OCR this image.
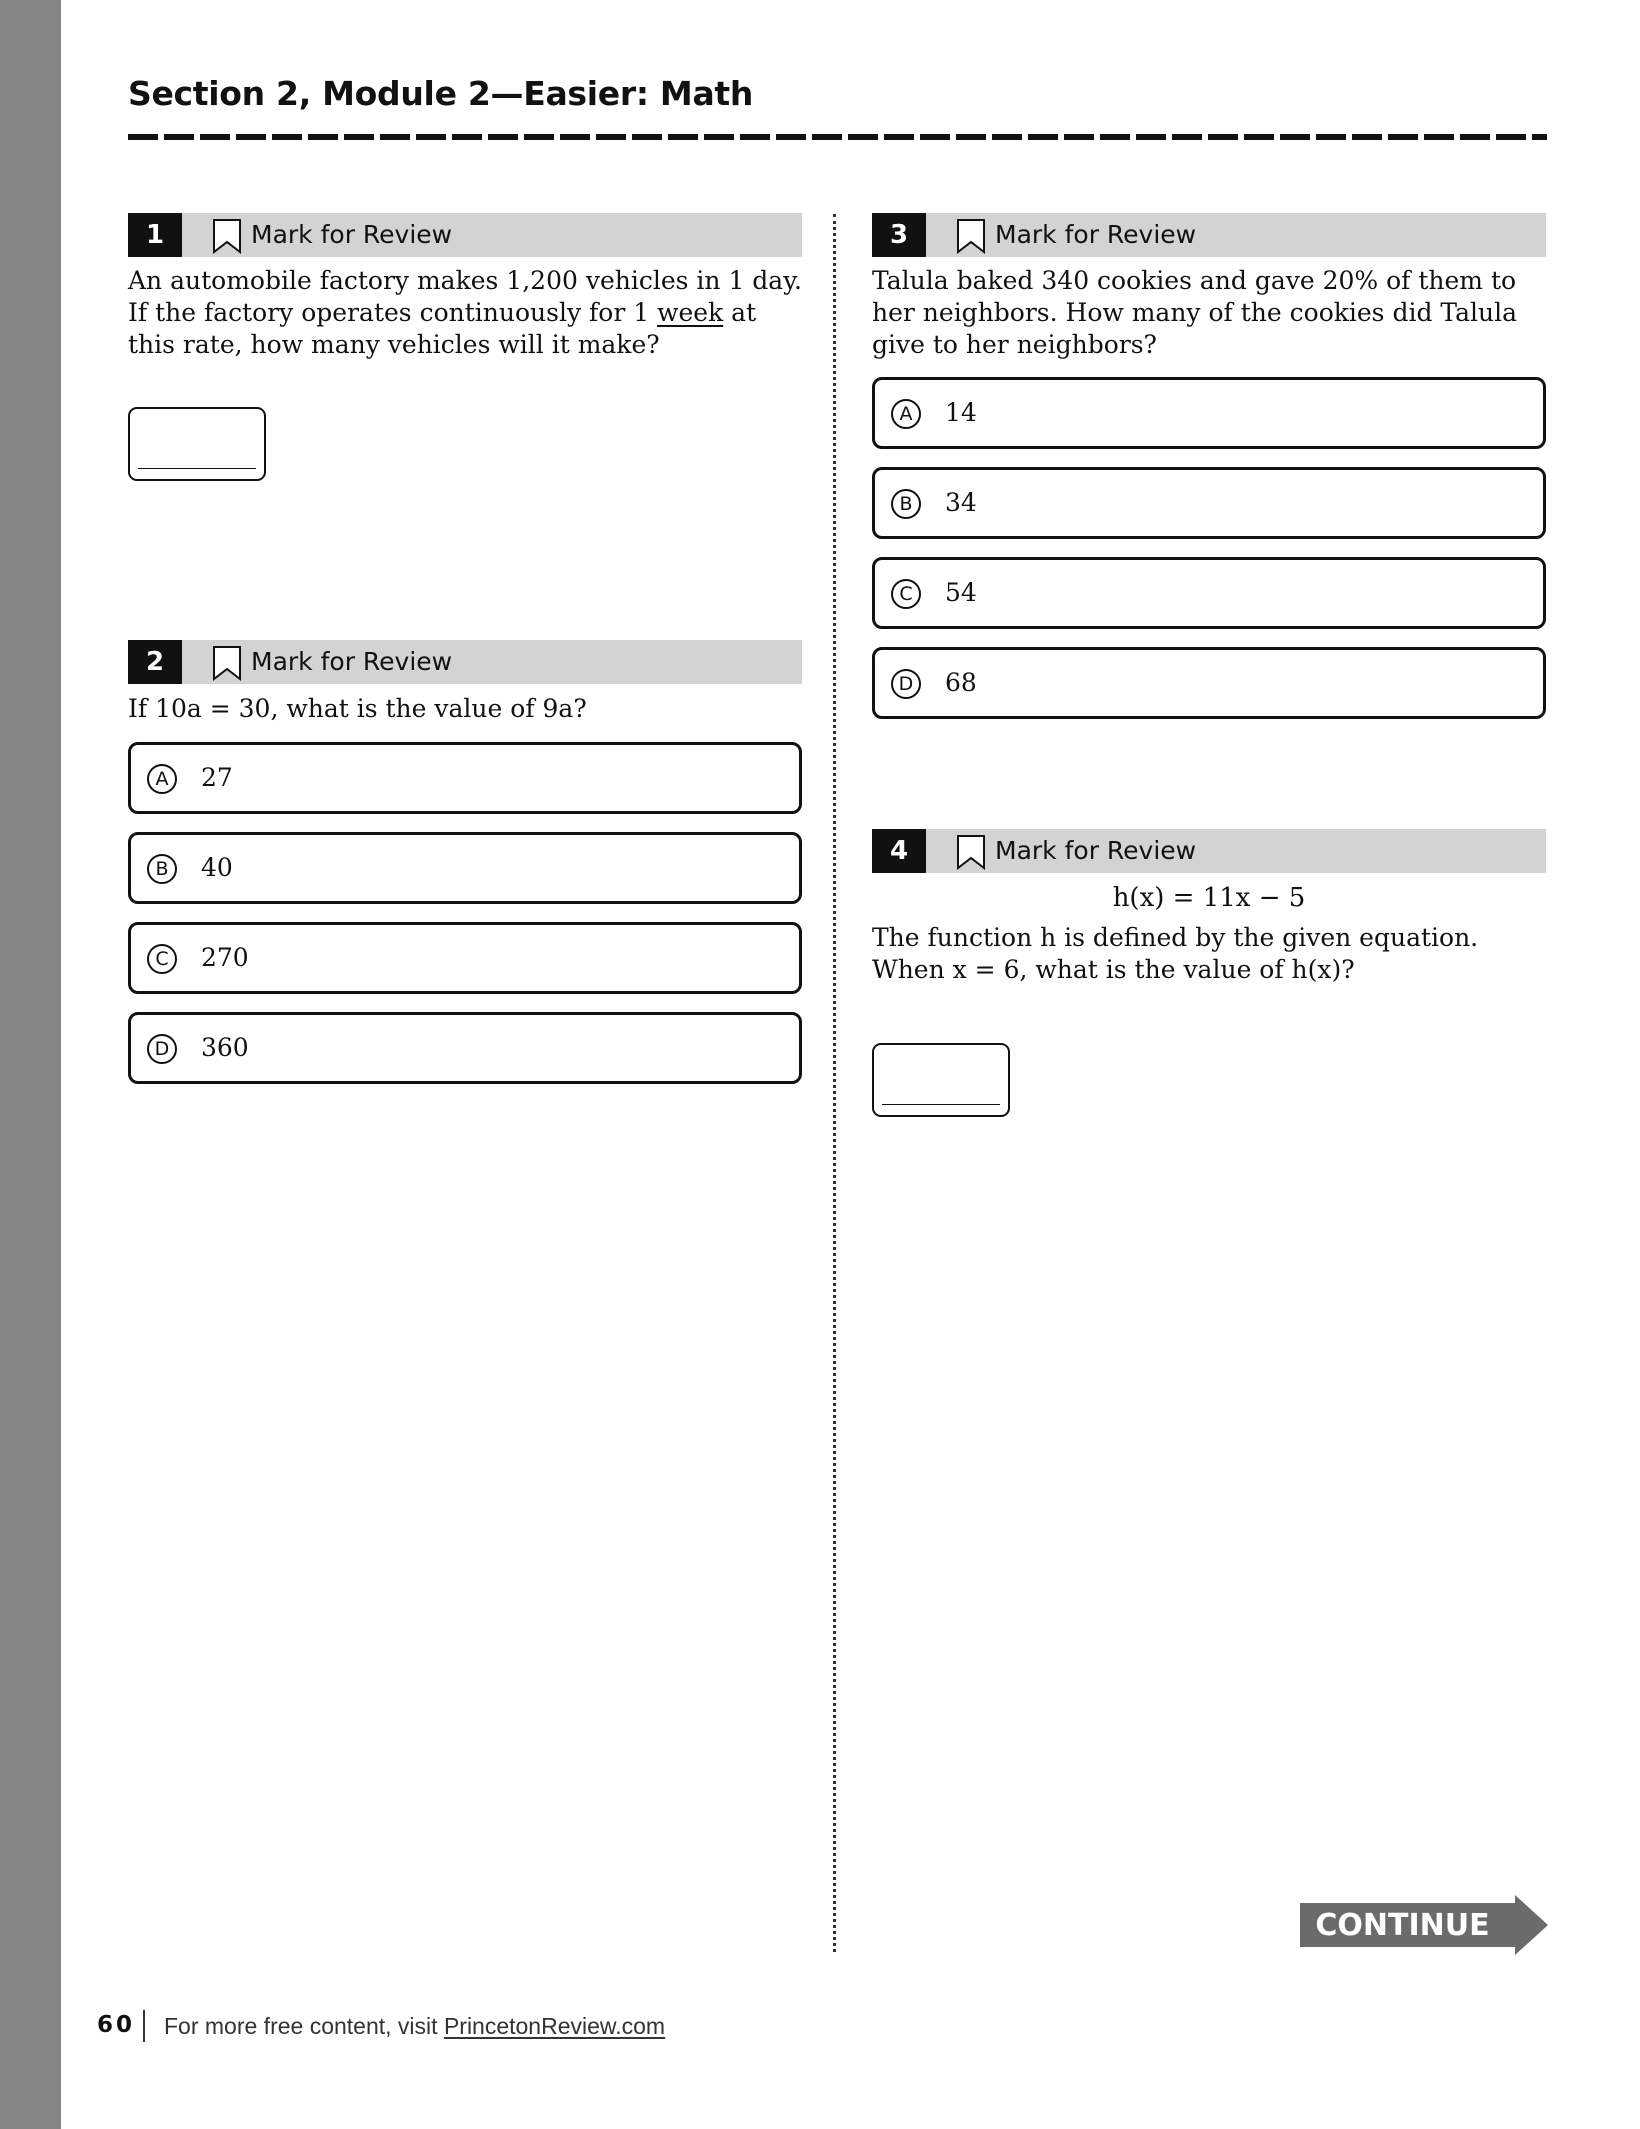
Section 2, Module 2—Easier: Math
1	Mark for Review
An automobile factory makes 1,200 vehicles in 1 day. If the factory operates continuously for 1 week at this rate, how many vehicles will it make?
2	Mark for Review
If 10a = 30, what is the value of 9a?
A	27
B	40
C	270
D	360
3	Mark for Review
Talula baked 340 cookies and gave 20% of them to her neighbors. How many of the cookies did Talula give to her neighbors?
A	14
B	34
C	54
D	68
4	Mark for Review
h(x) = 11x − 5
The function h is defined by the given equation. When x = 6, what is the value of h(x)?
CONTINUE
60 For more free content, visit PrincetonReview.com
